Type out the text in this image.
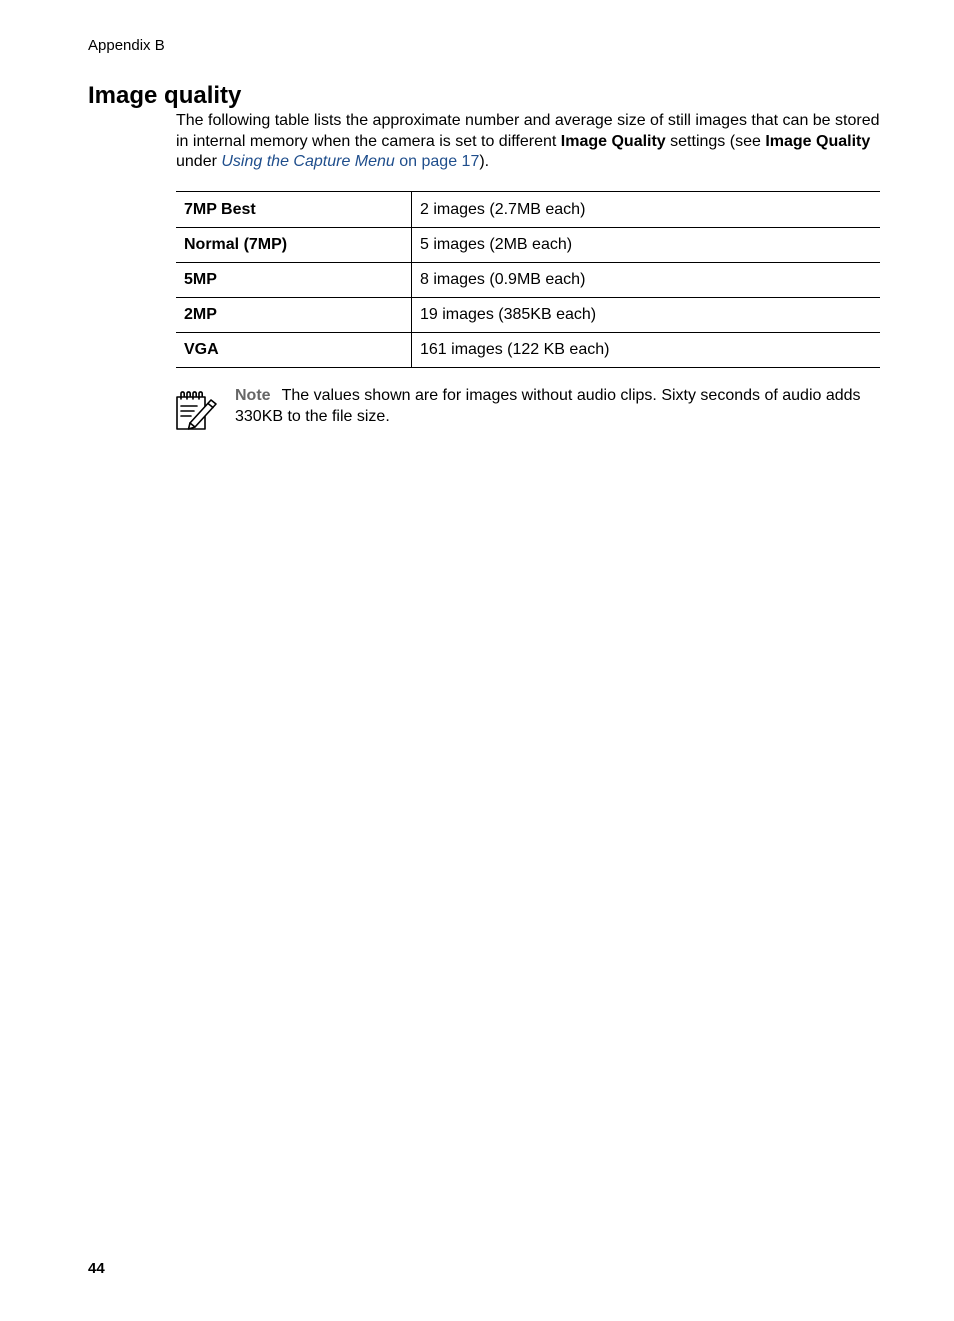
Appendix B
Image quality

The following table lists the approximate number and average size of still images that can be stored in internal memory when the camera is set to different Image Quality settings (see Image Quality under Using the Capture Menu on page 17).

7MP Best	2 images (2.7MB each)
Normal (7MP)	5 images (2MB each)
5MP	8 images (0.9MB each)
2MP	19 images (385KB each)
VGA	161 images (122 KB each)

Note The values shown are for images without audio clips. Sixty seconds of audio adds 330KB to the file size.

44
